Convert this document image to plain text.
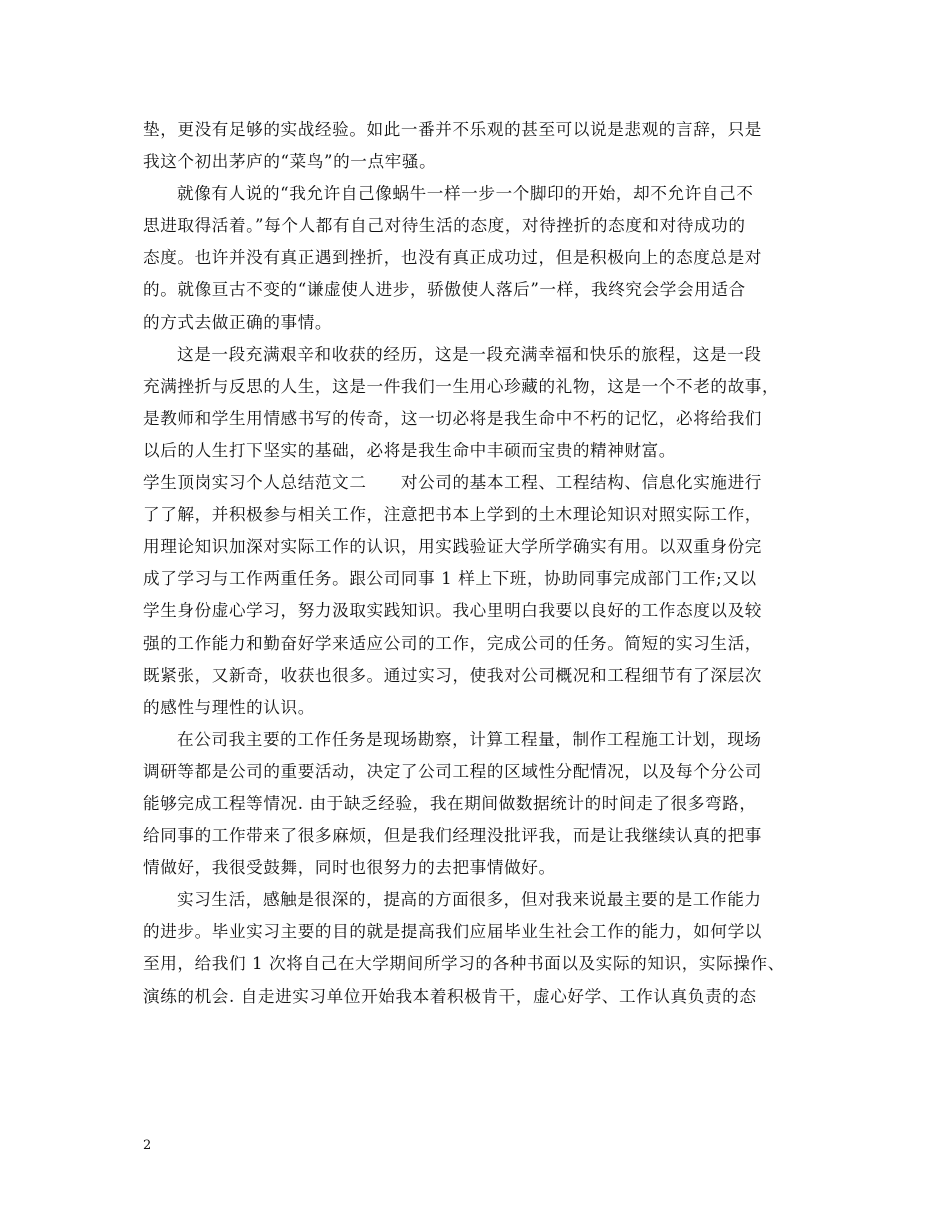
垫，更没有足够的实战经验。如此一番并不乐观的甚至可以说是悲观的言辞，只是
我这个初出茅庐的“菜鸟”的一点牢骚。
就像有人说的“我允许自己像蜗牛一样一步一个脚印的开始，却不允许自己不
思进取得活着。”每个人都有自己对待生活的态度，对待挫折的态度和对待成功的
态度。也许并没有真正遇到挫折，也没有真正成功过，但是积极向上的态度总是对
的。就像亘古不变的“谦虚使人进步，骄傲使人落后”一样，我终究会学会用适合
的方式去做正确的事情。
这是一段充满艰辛和收获的经历，这是一段充满幸福和快乐的旅程，这是一段
充满挫折与反思的人生，这是一件我们一生用心珍藏的礼物，这是一个不老的故事，
是教师和学生用情感书写的传奇，这一切必将是我生命中不朽的记忆，必将给我们
以后的人生打下坚实的基础，必将是我生命中丰硕而宝贵的精神财富。
学生顶岗实习个人总结范文二　　对公司的基本工程、工程结构、信息化实施进行
了了解，并积极参与相关工作，注意把书本上学到的土木理论知识对照实际工作，
用理论知识加深对实际工作的认识，用实践验证大学所学确实有用。以双重身份完
成了学习与工作两重任务。跟公司同事 1 样上下班，协助同事完成部门工作;又以
学生身份虚心学习，努力汲取实践知识。我心里明白我要以良好的工作态度以及较
强的工作能力和勤奋好学来适应公司的工作，完成公司的任务。简短的实习生活，
既紧张，又新奇，收获也很多。通过实习，使我对公司概况和工程细节有了深层次
的感性与理性的认识。
在公司我主要的工作任务是现场勘察，计算工程量，制作工程施工计划，现场
调研等都是公司的重要活动，决定了公司工程的区域性分配情况，以及每个分公司
能够完成工程等情况. 由于缺乏经验，我在期间做数据统计的时间走了很多弯路，
给同事的工作带来了很多麻烦，但是我们经理没批评我，而是让我继续认真的把事
情做好，我很受鼓舞，同时也很努力的去把事情做好。
实习生活，感触是很深的，提高的方面很多，但对我来说最主要的是工作能力
的进步。毕业实习主要的目的就是提高我们应届毕业生社会工作的能力，如何学以
至用，给我们 1 次将自己在大学期间所学习的各种书面以及实际的知识，实际操作、
演练的机会. 自走进实习单位开始我本着积极肯干，虚心好学、工作认真负责的态
2
